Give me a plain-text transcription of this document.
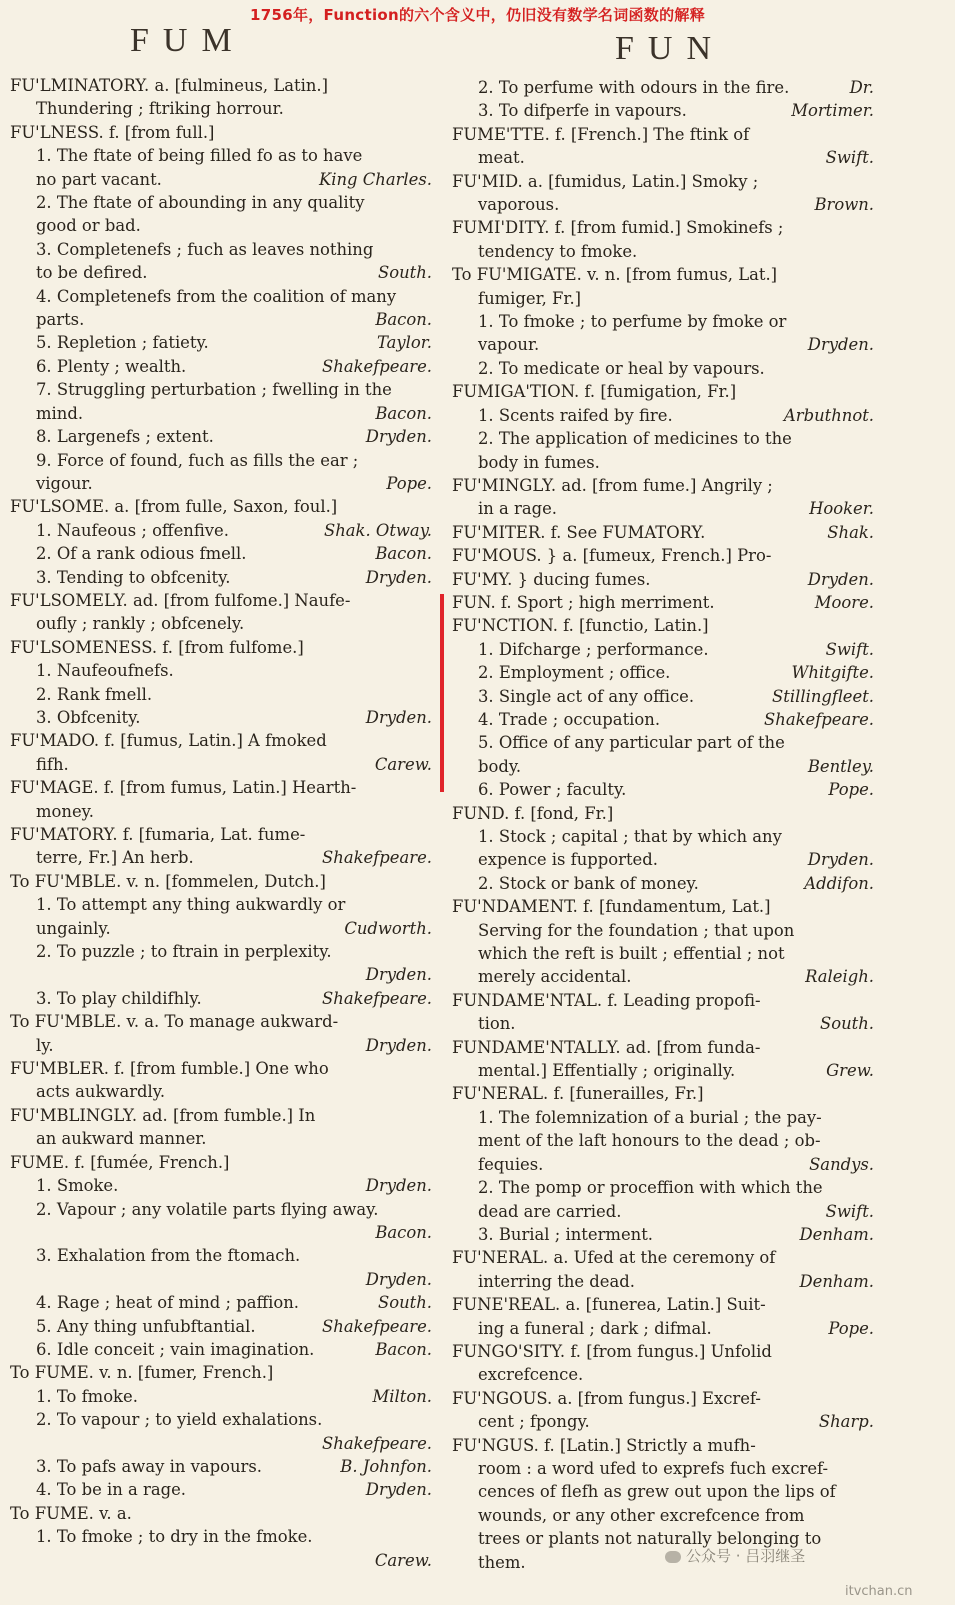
1756年，Function的六个含义中，仍旧没有数学名词函数的解释
FUM	FUN
FU'LMINATORY. a. [fulmineus, Latin.]
Thundering ; ftriking horrour.
FU'LNESS. f. [from full.]
1. The ftate of being filled fo as to have
King Charles.
no part vacant.
2. The ftate of abounding in any quality
good or bad.
3. Completenefs ; fuch as leaves nothing
South.
to be defired.
4. Completenefs from the coalition of many
Bacon.
parts.
Taylor.
5. Repletion ; fatiety.
Shakefpeare.
6. Plenty ; wealth.
7. Struggling perturbation ; fwelling in the
Bacon.
mind.
Dryden.
8. Largenefs ; extent.
9. Force of found, fuch as fills the ear ;
Pope.
vigour.
FU'LSOME. a. [from fulle, Saxon, foul.]
Shak. Otway.
1. Naufeous ; offenfive.
Bacon.
2. Of a rank odious fmell.
Dryden.
3. Tending to obfcenity.
FU'LSOMELY. ad. [from fulfome.] Naufe-
oufly ; rankly ; obfcenely.
FU'LSOMENESS. f. [from fulfome.]
1. Naufeoufnefs.
2. Rank fmell.
Dryden.
3. Obfcenity.
FU'MADO. f. [fumus, Latin.] A fmoked
Carew.
fifh.
FU'MAGE. f. [from fumus, Latin.] Hearth-
money.
FU'MATORY. f. [fumaria, Lat. fume-
Shakefpeare.
terre, Fr.] An herb.
To FU'MBLE. v. n. [fommelen, Dutch.]
1. To attempt any thing aukwardly or
Cudworth.
ungainly.
2. To puzzle ; to ftrain in perplexity.
Dryden.
Shakefpeare.
3. To play childifhly.
To FU'MBLE. v. a. To manage aukward-
Dryden.
ly.
FU'MBLER. f. [from fumble.] One who
acts aukwardly.
FU'MBLINGLY. ad. [from fumble.] In
an aukward manner.
FUME. f. [fumée, French.]
Dryden.
1. Smoke.
2. Vapour ; any volatile parts flying away.
Bacon.
3. Exhalation from the ftomach.
Dryden.
South.
4. Rage ; heat of mind ; paffion.
Shakefpeare.
5. Any thing unfubftantial.
Bacon.
6. Idle conceit ; vain imagination.
To FUME. v. n. [fumer, French.]
Milton.
1. To fmoke.
2. To vapour ; to yield exhalations.
Shakefpeare.
B. Johnfon.
3. To pafs away in vapours.
Dryden.
4. To be in a rage.
To FUME. v. a.
1. To fmoke ; to dry in the fmoke.
Carew.
Dr.
2. To perfume with odours in the fire.
Mortimer.
3. To difperfe in vapours.
FUME'TTE. f. [French.] The ftink of
Swift.
meat.
FU'MID. a. [fumidus, Latin.] Smoky ;
Brown.
vaporous.
FUMI'DITY. f. [from fumid.] Smokinefs ;
tendency to fmoke.
To FU'MIGATE. v. n. [from fumus, Lat.]
fumiger, Fr.]
1. To fmoke ; to perfume by fmoke or
Dryden.
vapour.
2. To medicate or heal by vapours.
FUMIGA'TION. f. [fumigation, Fr.]
Arbuthnot.
1. Scents raifed by fire.
2. The application of medicines to the
body in fumes.
FU'MINGLY. ad. [from fume.] Angrily ;
Hooker.
in a rage.
Shak.
FU'MITER. f. See FUMATORY.
FU'MOUS. } a. [fumeux, French.] Pro-
Dryden.
FU'MY. } ducing fumes.
Moore.
FUN. f. Sport ; high merriment.
FU'NCTION. f. [functio, Latin.]
Swift.
1. Difcharge ; performance.
Whitgifte.
2. Employment ; office.
Stillingfleet.
3. Single act of any office.
Shakefpeare.
4. Trade ; occupation.
5. Office of any particular part of the
Bentley.
body.
Pope.
6. Power ; faculty.
FUND. f. [fond, Fr.]
1. Stock ; capital ; that by which any
Dryden.
expence is fupported.
Addifon.
2. Stock or bank of money.
FU'NDAMENT. f. [fundamentum, Lat.]
Serving for the foundation ; that upon
which the reft is built ; effential ; not
Raleigh.
merely accidental.
FUNDAME'NTAL. f. Leading propofi-
South.
tion.
FUNDAME'NTALLY. ad. [from funda-
Grew.
mental.] Effentially ; originally.
FU'NERAL. f. [funerailles, Fr.]
1. The folemnization of a burial ; the pay-
ment of the laft honours to the dead ; ob-
Sandys.
fequies.
2. The pomp or proceffion with which the
Swift.
dead are carried.
Denham.
3. Burial ; interment.
FU'NERAL. a. Ufed at the ceremony of
Denham.
interring the dead.
FUNE'REAL. a. [funerea, Latin.] Suit-
Pope.
ing a funeral ; dark ; difmal.
FUNGO'SITY. f. [from fungus.] Unfolid
excrefcence.
FU'NGOUS. a. [from fungus.] Excref-
Sharp.
cent ; fpongy.
FU'NGUS. f. [Latin.] Strictly a mufh-
room : a word ufed to exprefs fuch excref-
cences of flefh as grew out upon the lips of
wounds, or any other excrefcence from
trees or plants not naturally belonging to
them.	公众号 · 吕羽继圣
itvchan.cn
